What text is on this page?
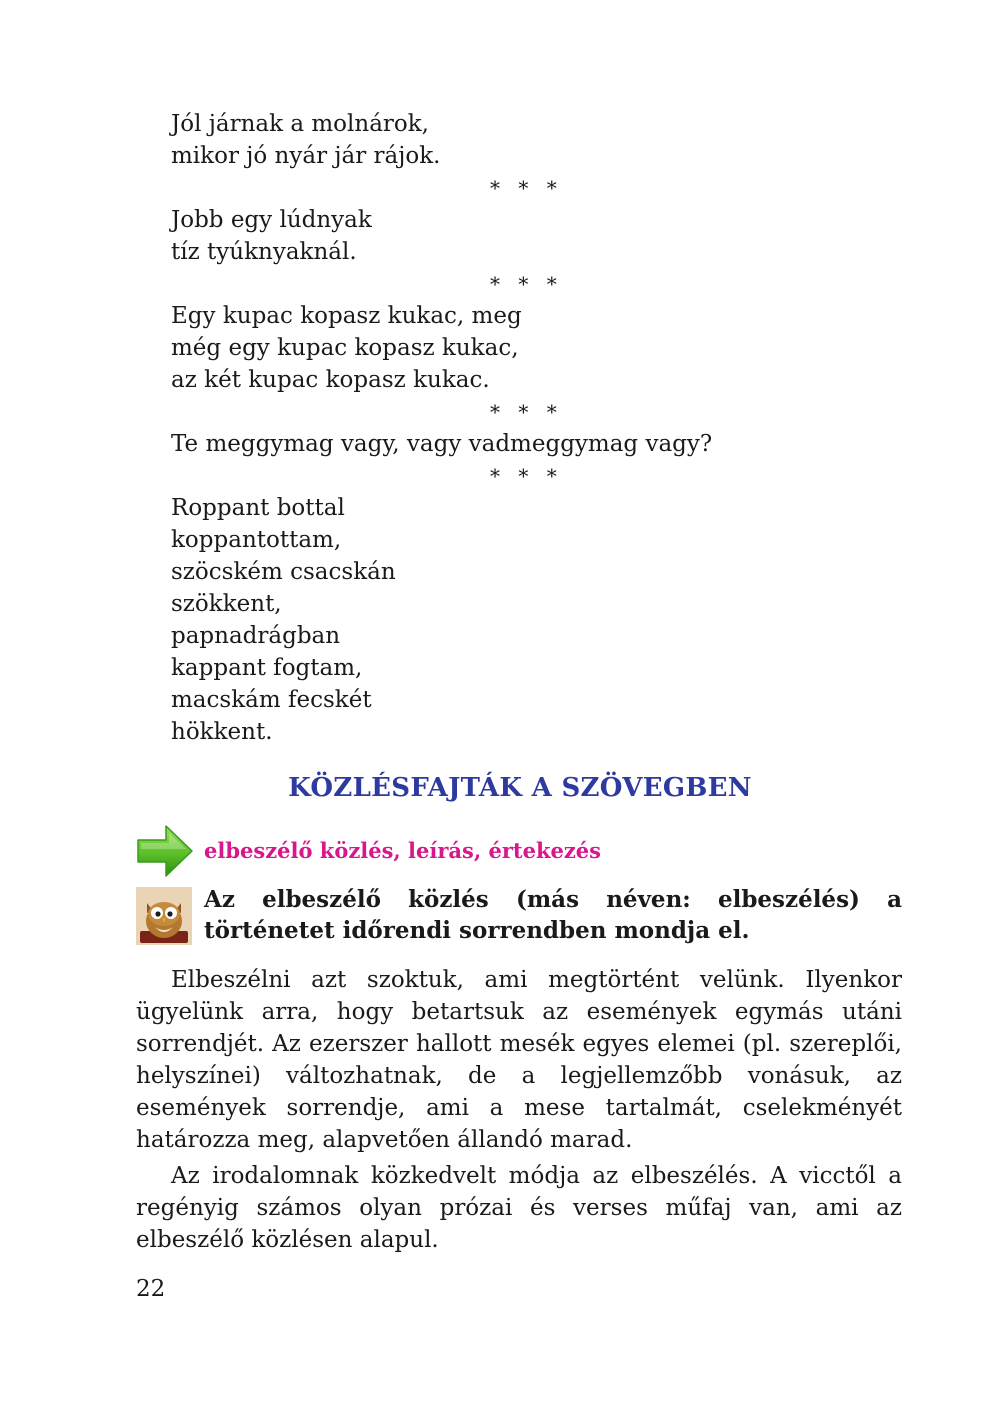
Jól járnak a molnárok,
mikor jó nyár jár rájok.
* * *
Jobb egy lúdnyak
tíz tyúknyaknál.
* * *
Egy kupac kopasz kukac, meg
még egy kupac kopasz kukac,
az két kupac kopasz kukac.
* * *
Te meggymag vagy, vagy vadmeggymag vagy?
* * *
Roppant bottal
koppantottam,
szöcském csacskán
szökkent,
papnadrágban
kappant fogtam,
macskám fecskét
hökkent.
KÖZLÉSFAJTÁK A SZÖVEGBEN
elbeszélő közlés, leírás, értekezés
Az elbeszélő közlés (más néven: elbeszélés) a történetet időrendi sorrendben mondja el.

Elbeszélni azt szoktuk, ami megtörtént velünk. Ilyenkor ügyelünk arra, hogy betartsuk az események egymás utáni sorrendjét. Az ezerszer hallott mesék egyes elemei (pl. szereplői, helyszínei) változhatnak, de a legjellemzőbb vonásuk, az események sorrendje, ami a mese tartalmát, cselekményét határozza meg, alapvetően állandó marad.

Az irodalomnak közkedvelt módja az elbeszélés. A vicctől a regényig számos olyan prózai és verses műfaj van, ami az elbeszélő közlésen alapul.

22
